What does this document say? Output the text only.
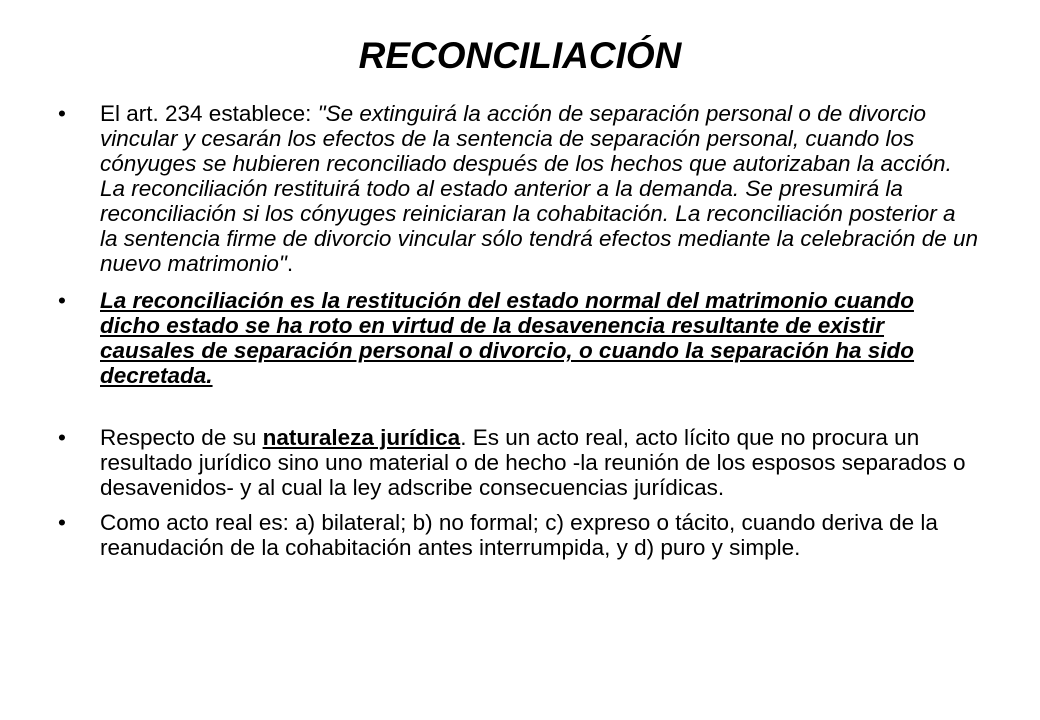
RECONCILIACIÓN
•	El art. 234 establece: "Se extinguirá la acción de separación personal o de divorcio vincular y cesarán los efectos de la sentencia de separación personal, cuando los cónyuges se hubieren reconciliado después de los hechos que autorizaban la acción. La reconciliación restituirá todo al estado anterior a la demanda. Se presumirá la reconciliación si los cónyuges reiniciaran la cohabitación. La reconciliación posterior a la sentencia firme de divorcio vincular sólo tendrá efectos mediante la celebración de un nuevo matrimonio".
•	La reconciliación es la restitución del estado normal del matrimonio cuando dicho estado se ha roto en virtud de la desavenencia resultante de existir causales de separación personal o divorcio, o cuando la separación ha sido decretada.
•	Respecto de su naturaleza jurídica. Es un acto real, acto lícito que no procura un resultado jurídico sino uno material o de hecho -la reunión de los esposos separados o desavenidos- y al cual la ley adscribe consecuencias jurídicas.
•	Como acto real es: a) bilateral; b) no formal; c) expreso o tácito, cuando deriva de la reanudación de la cohabitación antes interrumpida, y d) puro y simple.
